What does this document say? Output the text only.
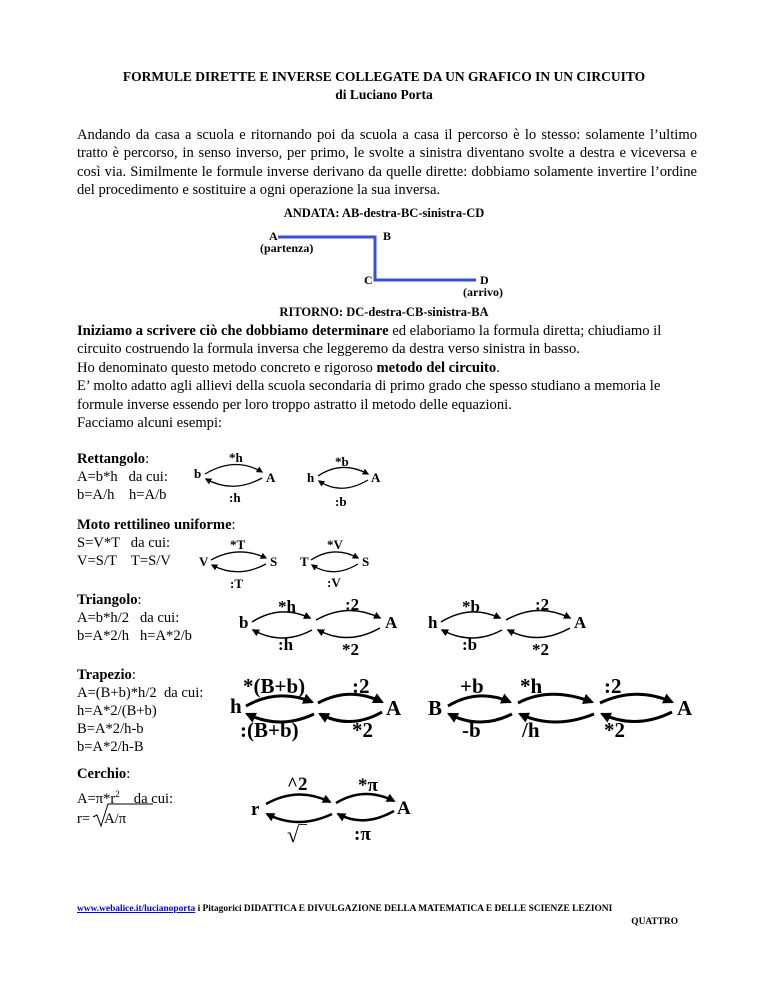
FORMULE DIRETTE E INVERSE COLLEGATE DA UN GRAFICO IN UN CIRCUITO
di Luciano Porta
Andando da casa a scuola e ritornando poi da scuola a casa il percorso è lo stesso: solamente l’ultimo tratto è percorso, in senso inverso, per primo, le svolte a sinistra diventano svolte a destra e viceversa e così via. Similmente le formule inverse derivano da quelle dirette: dobbiamo solamente invertire l’ordine del procedimento e sostituire a ogni operazione la sua inversa.
ANDATA: AB-destra-BC-sinistra-CD
A
(partenza)
B
C	D
(arrivo)
RITORNO: DC-destra-CB-sinistra-BA

Iniziamo a scrivere ciò che dobbiamo determinare ed elaboriamo la formula diretta; chiudiamo il circuito costruendo la formula inversa che leggeremo da destra verso sinistra in basso.

Ho denominato questo metodo concreto e rigoroso metodo del circuito.

E’ molto adatto agli allievi della scuola secondaria di primo grado che spesso studiano a memoria le formule inverse essendo per loro troppo astratto il metodo delle equazioni.

Facciamo alcuni esempi:

Rettangolo:

A=b*h   da cui:

b=A/h    h=A/b

Moto rettilineo uniforme:

S=V*T   da cui:

V=S/T    T=S/V

Triangolo:

A=b*h/2   da cui:

b=A*2/h   h=A*2/b

Trapezio:

A=(B+b)*h/2  da cui:

h=A*2/(B+b)

B=A*2/h-b

b=A*2/h-B

Cerchio:

$A=\pi*r^2$ da cui:

r= A/π

b	A
*h
:h
h	A
*b
:b
V	S
*T
:T
T	S
*V
:V
b	A
*h	:2
:h	*2
h	A
*b	:2
:b	*2
h	A
*(B+b) :2
:(B+b)	*2
B	A
+b *h	:2
-b /h	*2
r	A
^2	*π
√‾	:π
www.webalice.it/lucianoporta i Pitagorici DIDATTICA E DIVULGAZIONE DELLA MATEMATICA E DELLE SCIENZE LEZIONI
QUATTRO
